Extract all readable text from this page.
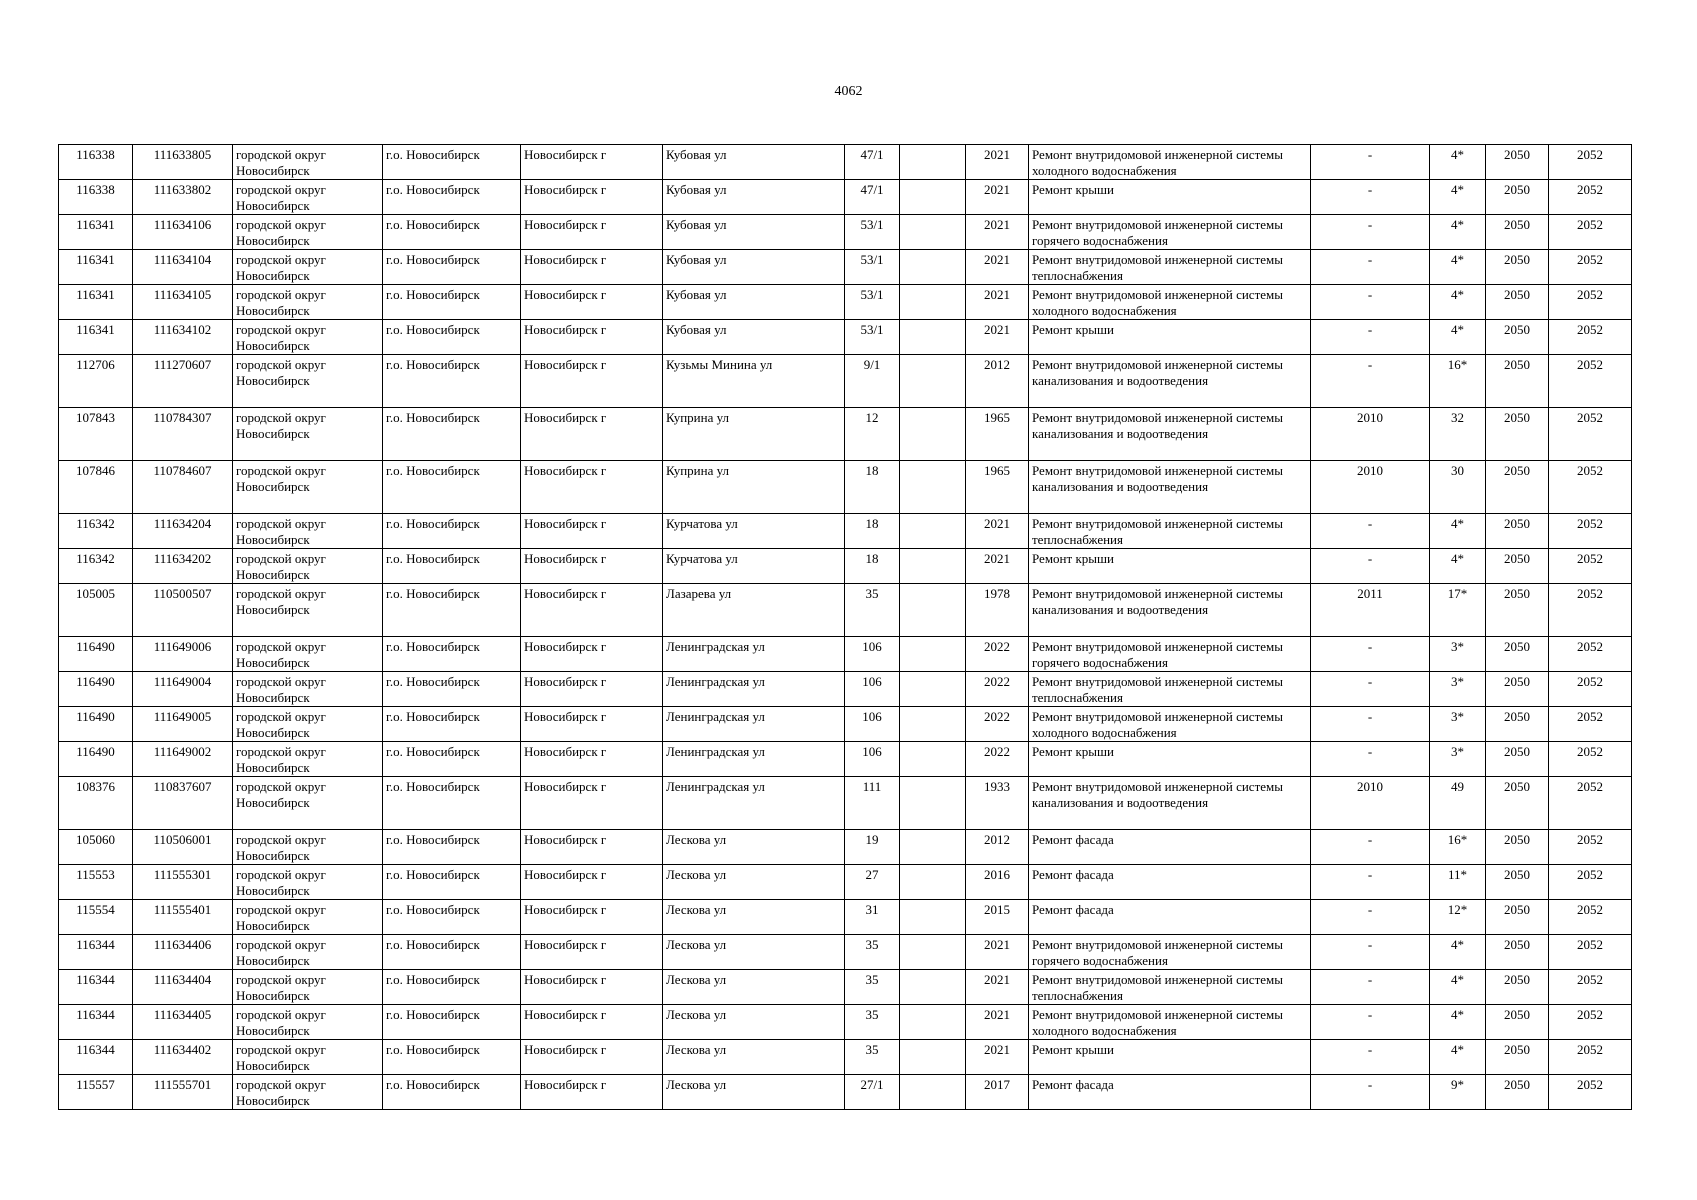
4062
116338	111633805	городской округ Новосибирск	г.о. Новосибирск	Новосибирск г	Кубовая ул	47/1		2021	Ремонт внутридомовой инженерной системы холодного водоснабжения	-	4*	2050	2052
116338	111633802	городской округ Новосибирск	г.о. Новосибирск	Новосибирск г	Кубовая ул	47/1		2021	Ремонт крыши	-	4*	2050	2052
116341	111634106	городской округ Новосибирск	г.о. Новосибирск	Новосибирск г	Кубовая ул	53/1		2021	Ремонт внутридомовой инженерной системы горячего водоснабжения	-	4*	2050	2052
116341	111634104	городской округ Новосибирск	г.о. Новосибирск	Новосибирск г	Кубовая ул	53/1		2021	Ремонт внутридомовой инженерной системы теплоснабжения	-	4*	2050	2052
116341	111634105	городской округ Новосибирск	г.о. Новосибирск	Новосибирск г	Кубовая ул	53/1		2021	Ремонт внутридомовой инженерной системы холодного водоснабжения	-	4*	2050	2052
116341	111634102	городской округ Новосибирск	г.о. Новосибирск	Новосибирск г	Кубовая ул	53/1		2021	Ремонт крыши	-	4*	2050	2052
112706	111270607	городской округ Новосибирск	г.о. Новосибирск	Новосибирск г	Кузьмы Минина ул	9/1		2012	Ремонт внутридомовой инженерной системы канализования и водоотведения	-	16*	2050	2052
107843	110784307	городской округ Новосибирск	г.о. Новосибирск	Новосибирск г	Куприна ул	12		1965	Ремонт внутридомовой инженерной системы канализования и водоотведения	2010	32	2050	2052
107846	110784607	городской округ Новосибирск	г.о. Новосибирск	Новосибирск г	Куприна ул	18		1965	Ремонт внутридомовой инженерной системы канализования и водоотведения	2010	30	2050	2052
116342	111634204	городской округ Новосибирск	г.о. Новосибирск	Новосибирск г	Курчатова ул	18		2021	Ремонт внутридомовой инженерной системы теплоснабжения	-	4*	2050	2052
116342	111634202	городской округ Новосибирск	г.о. Новосибирск	Новосибирск г	Курчатова ул	18		2021	Ремонт крыши	-	4*	2050	2052
105005	110500507	городской округ Новосибирск	г.о. Новосибирск	Новосибирск г	Лазарева ул	35		1978	Ремонт внутридомовой инженерной системы канализования и водоотведения	2011	17*	2050	2052
116490	111649006	городской округ Новосибирск	г.о. Новосибирск	Новосибирск г	Ленинградская ул	106		2022	Ремонт внутридомовой инженерной системы горячего водоснабжения	-	3*	2050	2052
116490	111649004	городской округ Новосибирск	г.о. Новосибирск	Новосибирск г	Ленинградская ул	106		2022	Ремонт внутридомовой инженерной системы теплоснабжения	-	3*	2050	2052
116490	111649005	городской округ Новосибирск	г.о. Новосибирск	Новосибирск г	Ленинградская ул	106		2022	Ремонт внутридомовой инженерной системы холодного водоснабжения	-	3*	2050	2052
116490	111649002	городской округ Новосибирск	г.о. Новосибирск	Новосибирск г	Ленинградская ул	106		2022	Ремонт крыши	-	3*	2050	2052
108376	110837607	городской округ Новосибирск	г.о. Новосибирск	Новосибирск г	Ленинградская ул	111		1933	Ремонт внутридомовой инженерной системы канализования и водоотведения	2010	49	2050	2052
105060	110506001	городской округ Новосибирск	г.о. Новосибирск	Новосибирск г	Лескова ул	19		2012	Ремонт фасада	-	16*	2050	2052
115553	111555301	городской округ Новосибирск	г.о. Новосибирск	Новосибирск г	Лескова ул	27		2016	Ремонт фасада	-	11*	2050	2052
115554	111555401	городской округ Новосибирск	г.о. Новосибирск	Новосибирск г	Лескова ул	31		2015	Ремонт фасада	-	12*	2050	2052
116344	111634406	городской округ Новосибирск	г.о. Новосибирск	Новосибирск г	Лескова ул	35		2021	Ремонт внутридомовой инженерной системы горячего водоснабжения	-	4*	2050	2052
116344	111634404	городской округ Новосибирск	г.о. Новосибирск	Новосибирск г	Лескова ул	35		2021	Ремонт внутридомовой инженерной системы теплоснабжения	-	4*	2050	2052
116344	111634405	городской округ Новосибирск	г.о. Новосибирск	Новосибирск г	Лескова ул	35		2021	Ремонт внутридомовой инженерной системы холодного водоснабжения	-	4*	2050	2052
116344	111634402	городской округ Новосибирск	г.о. Новосибирск	Новосибирск г	Лескова ул	35		2021	Ремонт крыши	-	4*	2050	2052
115557	111555701	городской округ Новосибирск	г.о. Новосибирск	Новосибирск г	Лескова ул	27/1		2017	Ремонт фасада	-	9*	2050	2052
